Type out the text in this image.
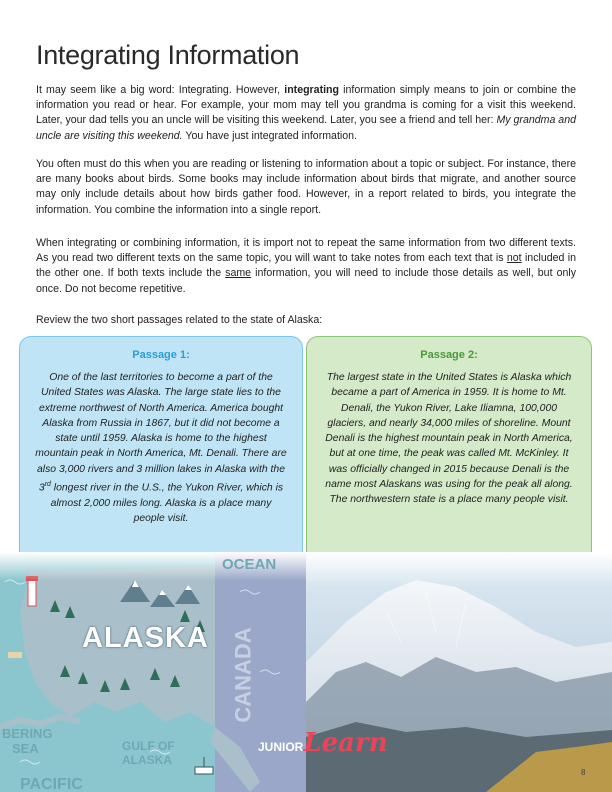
Integrating Information

It may seem like a big word: Integrating. However, integrating information simply means to join or combine the information you read or hear. For example, your mom may tell you grandma is coming for a visit this weekend. Later, your dad tells you an uncle will be visiting this weekend. Later, you see a friend and tell her: My grandma and uncle are visiting this weekend. You have just integrated information.

You often must do this when you are reading or listening to information about a topic or subject. For instance, there are many books about birds. Some books may include information about birds that migrate, and another source may only include details about how birds gather food. However, in a report related to birds, you integrate the information. You combine the information into a single report.

When integrating or combining information, it is import not to repeat the same information from two different texts. As you read two different texts on the same topic, you will want to take notes from each text that is not included in the other one. If both texts include the same information, you will need to include those details as well, but only once. Do not become repetitive.

Review the two short passages related to the state of Alaska:

Passage 1:
One of the last territories to become a part of the United States was Alaska. The large state lies to the extreme northwest of North America. America bought Alaska from Russia in 1867, but it did not become a state until 1959. Alaska is home to the highest mountain peak in North America, Mt. Denali. There are also 3,000 rivers and 3 million lakes in Alaska with the 3rd longest river in the U.S., the Yukon River, which is almost 2,000 miles long. Alaska is a place many people visit.
Passage 2:
The largest state in the United States is Alaska which became a part of America in 1959. It is home to Mt. Denali, the Yukon River, Lake Iliamna, 100,000 glaciers, and nearly 34,000 miles of shoreline. Mount Denali is the highest mountain peak in North America, but at one time, the peak was called Mt. McKinley. It was officially changed in 2015 because Denali is the name most Alaskans was using for the peak all along. The northwestern state is a place many people visit.
ALASKA CANADA
OCEAN
BERING
SEA	GULF OF
ALASKA
PACIFIC
JUNIORLearn
8
